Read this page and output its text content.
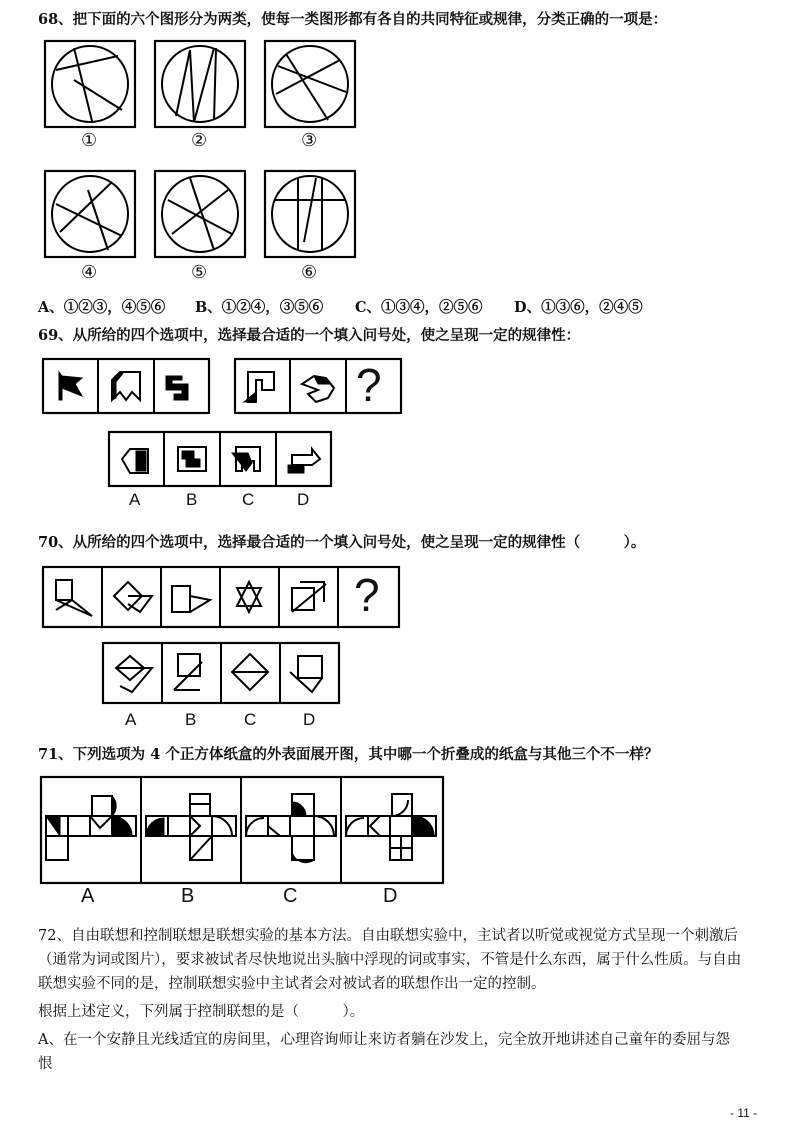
68、把下面的六个图形分为两类，使每一类图形都有各自的共同特征或规律，分类正确的一项是：
①	②	③
④	⑤	⑥
A、①②③，④⑤⑥ B、①②④，③⑤⑥ C、①③④，②⑤⑥ D、①③⑥，②④⑤
69、从所给的四个选项中，选择最合适的一个填入问号处，使之呈现一定的规律性：
?
A	B	C	D
70、从所给的四个选项中，选择最合适的一个填入问号处，使之呈现一定的规律性（　　　）。
?
A	B	C	D
71、下列选项为 4 个正方体纸盒的外表面展开图，其中哪一个折叠成的纸盒与其他三个不一样？
A	B	C	D
72、自由联想和控制联想是联想实验的基本方法。自由联想实验中，主试者以听觉或视觉方式呈现一个刺激后
（通常为词或图片），要求被试者尽快地说出头脑中浮现的词或事实，不管是什么东西，属于什么性质。与自由
联想实验不同的是，控制联想实验中主试者会对被试者的联想作出一定的控制。
根据上述定义，下列属于控制联想的是（　　　）。
A、在一个安静且光线适宜的房间里，心理咨询师让来访者躺在沙发上，完全放开地讲述自己童年的委屈与怨
恨
- 11 -
